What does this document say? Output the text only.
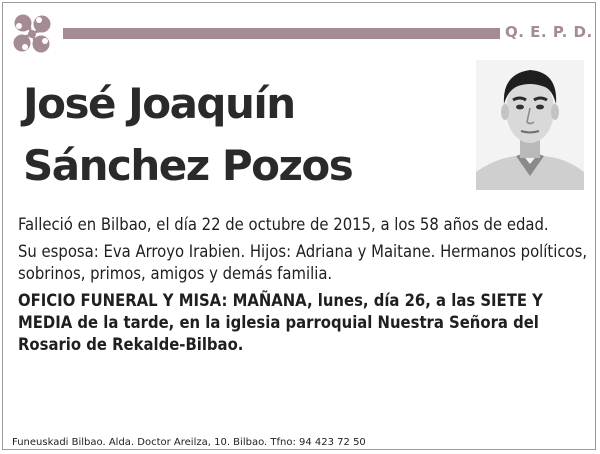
Q. E. P. D.
José Joaquín
Sánchez Pozos

Falleció en Bilbao, el día 22 de octubre de 2015, a los 58 años de edad.

Su esposa: Eva Arroyo Irabien. Hijos: Adriana y Maitane. Hermanos políticos, sobrinos, primos, amigos y demás familia.

OFICIO FUNERAL Y MISA: MAÑANA, lunes, día 26, a las SIETE Y MEDIA de la tarde, en la iglesia parroquial Nuestra Señora del Rosario de Rekalde-Bilbao.

Funeuskadi Bilbao. Alda. Doctor Areilza, 10. Bilbao. Tfno: 94 423 72 50
